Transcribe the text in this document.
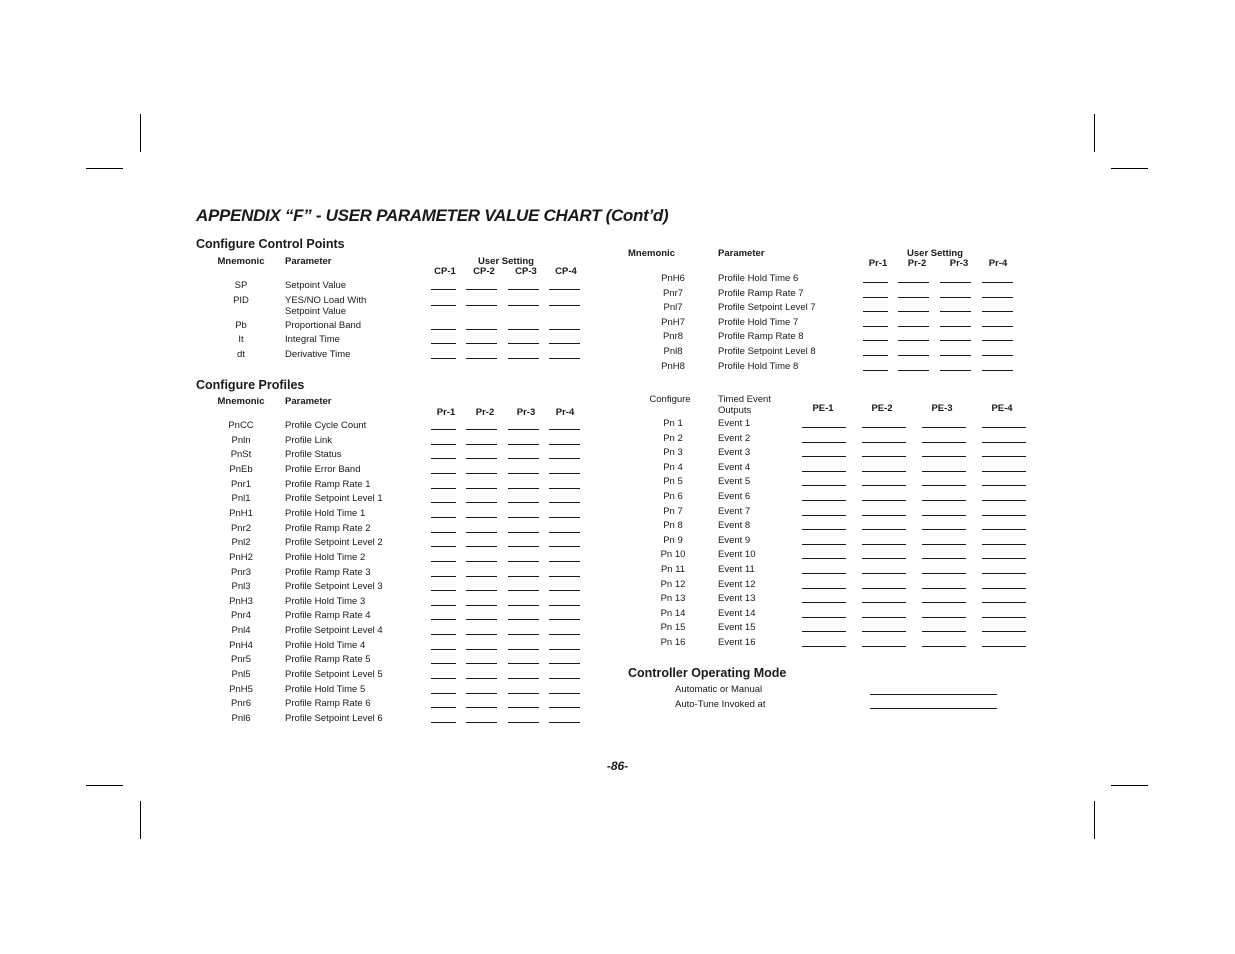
APPENDIX “F” - USER PARAMETER VALUE CHART (Cont’d)
Configure Control Points
Mnemonic	Parameter	User Setting
CP-1	CP-2	CP-3	CP-4
SP	Setpoint Value
PID	YES/NO Load With
Setpoint Value
Pb	Proportional Band
It	Integral Time
dt	Derivative Time
Configure Profiles
Mnemonic	Parameter
Pr-1	Pr-2	Pr-3	Pr-4
PnCC	Profile Cycle Count
Pnln	Profile Link
PnSt	Profile Status
PnEb	Profile Error Band
Pnr1	Profile Ramp Rate 1
Pnl1	Profile Setpoint Level 1
PnH1	Profile Hold Time 1
Pnr2	Profile Ramp Rate 2
Pnl2	Profile Setpoint Level 2
PnH2	Profile Hold Time 2
Pnr3	Profile Ramp Rate 3
Pnl3	Profile Setpoint Level 3
PnH3	Profile Hold Time 3
Pnr4	Profile Ramp Rate 4
Pnl4	Profile Setpoint Level 4
PnH4	Profile Hold Time 4
Pnr5	Profile Ramp Rate 5
Pnl5	Profile Setpoint Level 5
PnH5	Profile Hold Time 5
Pnr6	Profile Ramp Rate 6
Pnl6	Profile Setpoint Level 6
Mnemonic	Parameter	User Setting
Pr-1	Pr-2	Pr-3	Pr-4
PnH6	Profile Hold Time 6
Pnr7	Profile Ramp Rate 7
Pnl7	Profile Setpoint Level 7
PnH7	Profile Hold Time 7
Pnr8	Profile Ramp Rate 8
Pnl8	Profile Setpoint Level 8
PnH8	Profile Hold Time 8
Configure	Timed Event
Outputs	PE-1	PE-2	PE-3	PE-4
Pn 1	Event 1
Pn 2	Event 2
Pn 3	Event 3
Pn 4	Event 4
Pn 5	Event 5
Pn 6	Event 6
Pn 7	Event 7
Pn 8	Event 8
Pn 9	Event 9
Pn 10	Event 10
Pn 11	Event 11
Pn 12	Event 12
Pn 13	Event 13
Pn 14	Event 14
Pn 15	Event 15
Pn 16	Event 16
Controller Operating Mode
Automatic or Manual
Auto-Tune Invoked at
-86-
